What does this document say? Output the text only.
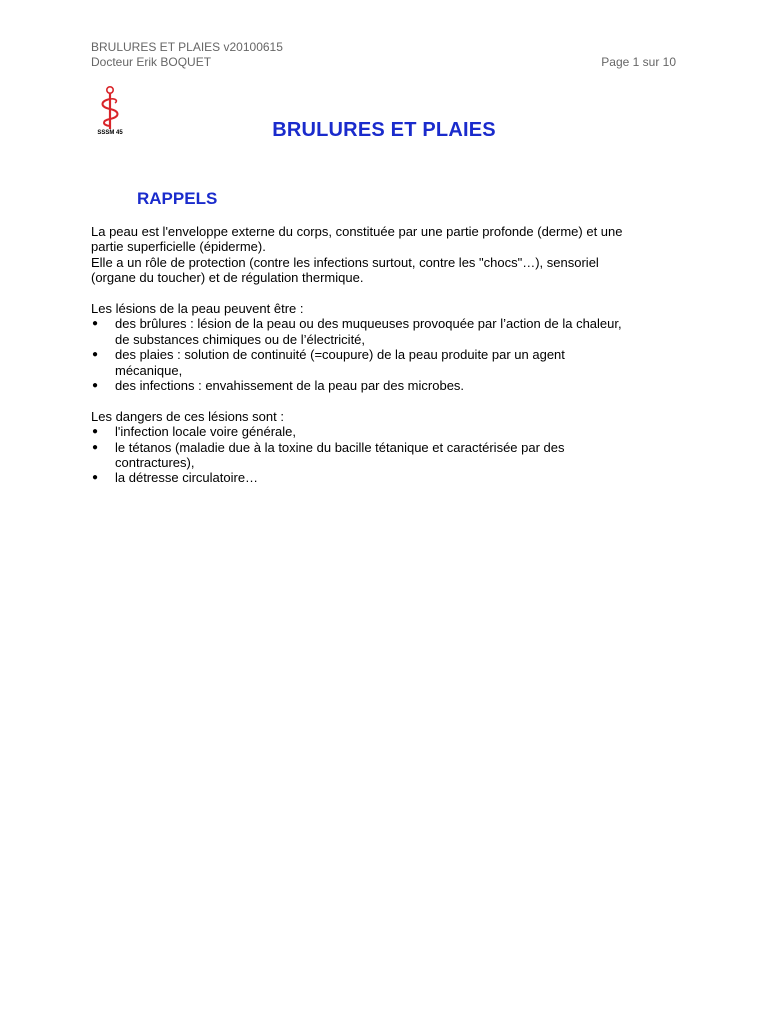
BRULURES ET PLAIES v20100615
Docteur Erik BOQUET	Page 1 sur 10
SSSM 45	BRULURES ET PLAIES
RAPPELS

La peau est l'enveloppe externe du corps, constituée par une partie profonde (derme) et une
partie superficielle (épiderme).
Elle a un rôle de protection (contre les infections surtout, contre les "chocs"…), sensoriel
(organe du toucher) et de régulation thermique.

Les lésions de la peau peuvent être :

● des brûlures : lésion de la peau ou des muqueuses provoquée par l’action de la chaleur,
de substances chimiques ou de l’électricité,
● des plaies : solution de continuité (=coupure) de la peau produite par un agent
mécanique,
● des infections : envahissement de la peau par des microbes.

Les dangers de ces lésions sont :

● l'infection locale voire générale,
● le tétanos (maladie due à la toxine du bacille tétanique et caractérisée par des
contractures),
● la détresse circulatoire…
